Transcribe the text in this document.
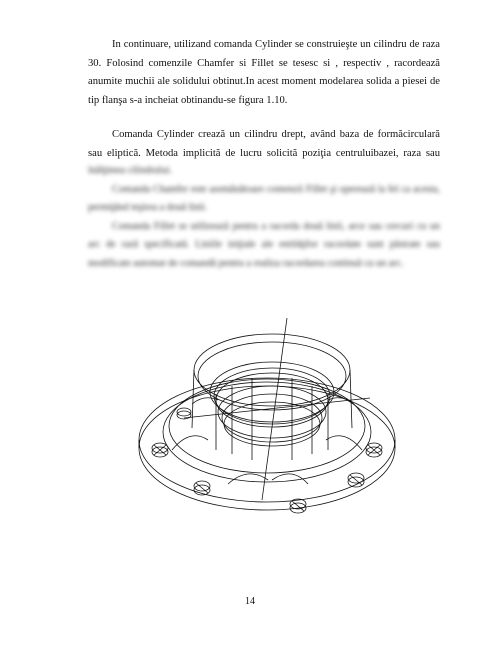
In continuare, utilizand comanda Cylinder se construieşte un cilindru de raza 30. Folosind comenzile Chamfer si Fillet se tesesc si , respectiv , racordează anumite muchii ale solidului obtinut.In acest moment modelarea solida a piesei de tip flanşa s-a incheiat obtinandu-se figura 1.10.

Comanda Cylinder crează un cilindru drept, având baza de formăcirculară sau eliptică. Metoda implicită de lucru solicită poziţia centruluibazei, raza sau

înălţimea cilindrului.
Comanda Chamfer este asemănătoare comenzii Fillet şi operează la fel ca acesta, permiţând teşirea a două linii.
Comanda Fillet se utilizează pentru a racorda două linii, arce sau cercuri cu un arc de rază specificată. Liniile iniţiale ale entităţilor racordate sunt păstrate sau modificate automat de comandă pentru a realiza racordarea continuă cu un arc.
14
